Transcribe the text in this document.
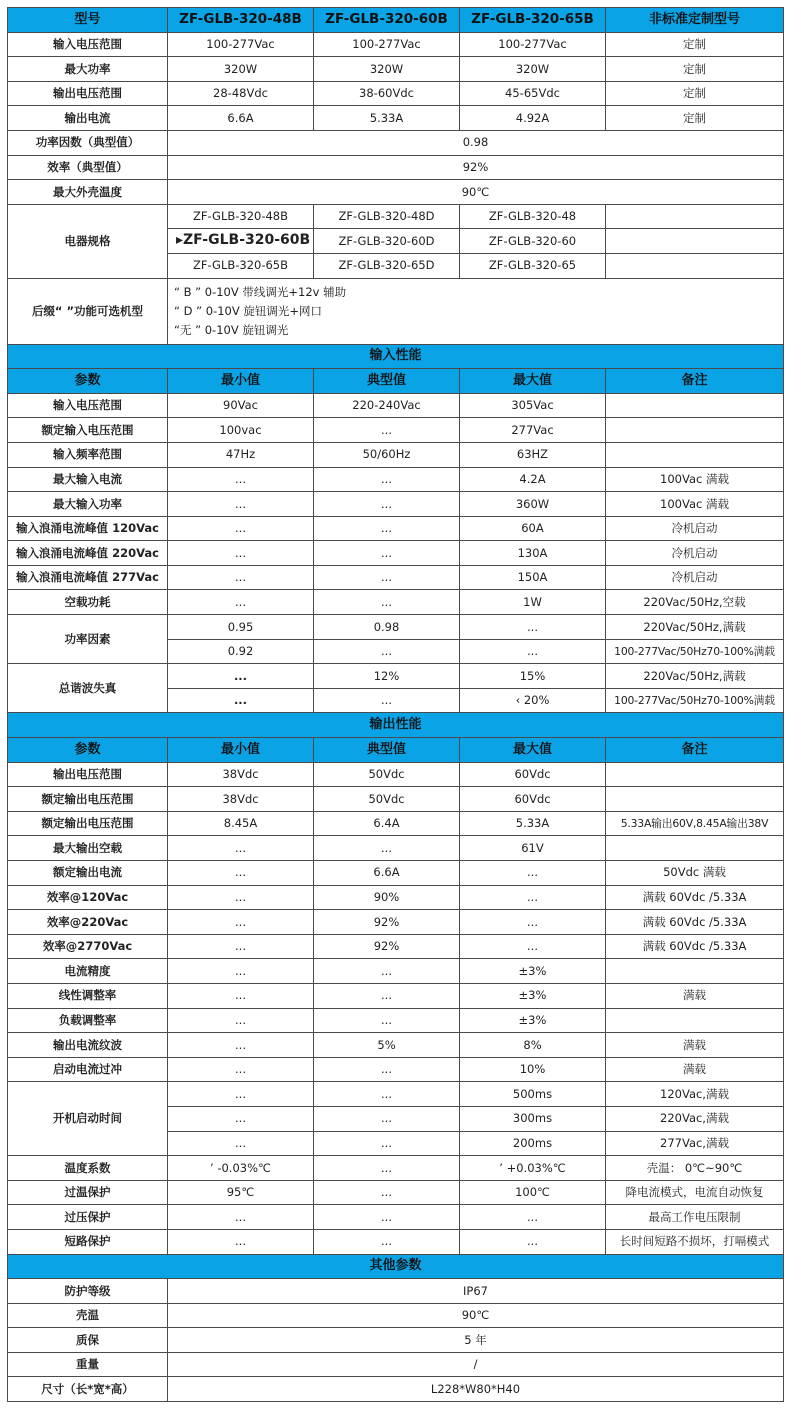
型号	ZF-GLB-320-48B	ZF-GLB-320-60B	ZF-GLB-320-65B	非标准定制型号
输入电压范围	100-277Vac	100-277Vac	100-277Vac	定制
最大功率	320W	320W	320W	定制
输出电压范围	28-48Vdc	38-60Vdc	45-65Vdc	定制
输出电流	6.6A	5.33A	4.92A	定制
功率因数（典型值）	0.98			
效率（典型值）	92%			
最大外壳温度	90℃			
电器规格	ZF-GLB-320-48B	ZF-GLB-320-48D	ZF-GLB-320-48	
	▸ZF-GLB-320-60B	ZF-GLB-320-60D	ZF-GLB-320-60	
	ZF-GLB-320-65B	ZF-GLB-320-65D	ZF-GLB-320-65	
后缀“ ”功能可选机型	“ B ” 0-10V 带线调光+12v 辅助
“ D ” 0-10V 旋钮调光+网口
“无 ” 0-10V 旋钮调光			

输入性能				
参数	最小值	典型值	最大值	备注
输入电压范围	90Vac	220-240Vac	305Vac	
额定输入电压范围	100vac	...	277Vac	
输入频率范围	47Hz	50/60Hz	63HZ	
最大输入电流	...	...	4.2A	100Vac 满载
最大输入功率	...	...	360W	100Vac 满载
输入浪涌电流峰值 120Vac	...	...	60A	冷机启动
输入浪涌电流峰值 220Vac	...	...	130A	冷机启动
输入浪涌电流峰值 277Vac	...	...	150A	冷机启动
空载功耗	...	...	1W	220Vac/50Hz,空载
功率因素	0.95	0.98	...	220Vac/50Hz,满载
	0.92	...	...	100-277Vac/50Hz70-100%满载
总谐波失真	...	12%	15%	220Vac/50Hz,满载
	...	...	‹ 20%	100-277Vac/50Hz70-100%满载
输出性能				
参数	最小值	典型值	最大值	备注
输出电压范围	38Vdc	50Vdc	60Vdc	
额定输出电压范围	38Vdc	50Vdc	60Vdc	
额定输出电压范围	8.45A	6.4A	5.33A	5.33A输出60V,8.45A输出38V
最大输出空载	...	...	61V	
额定输出电流	...	6.6A	...	50Vdc 满载
效率@120Vac	...	90%	...	满载 60Vdc /5.33A
效率@220Vac	...	92%	...	满载 60Vdc /5.33A
效率@2770Vac	...	92%	...	满载 60Vdc /5.33A
电流精度	...	...	±3%	
线性调整率	...	...	±3%	满载
负载调整率	...	...	±3%	
输出电流纹波	...	5%	8%	满载
启动电流过冲	...	...	10%	满载
开机启动时间	...	...	500ms	120Vac,满载
	...	...	300ms	220Vac,满载
	...	...	200ms	277Vac,满载
温度系数	’ -0.03%℃	...	’ +0.03%℃	壳温： 0℃~90℃
过温保护	95℃	...	100℃	降电流模式，电流自动恢复
过压保护	...	...	...	最高工作电压限制
短路保护	...	...	...	长时间短路不损坏，打嗝模式
其他参数				
防护等级	IP67			
壳温	90℃			
质保	5 年			
重量	/			
尺寸（长*宽*高）	L228*W80*H40			
